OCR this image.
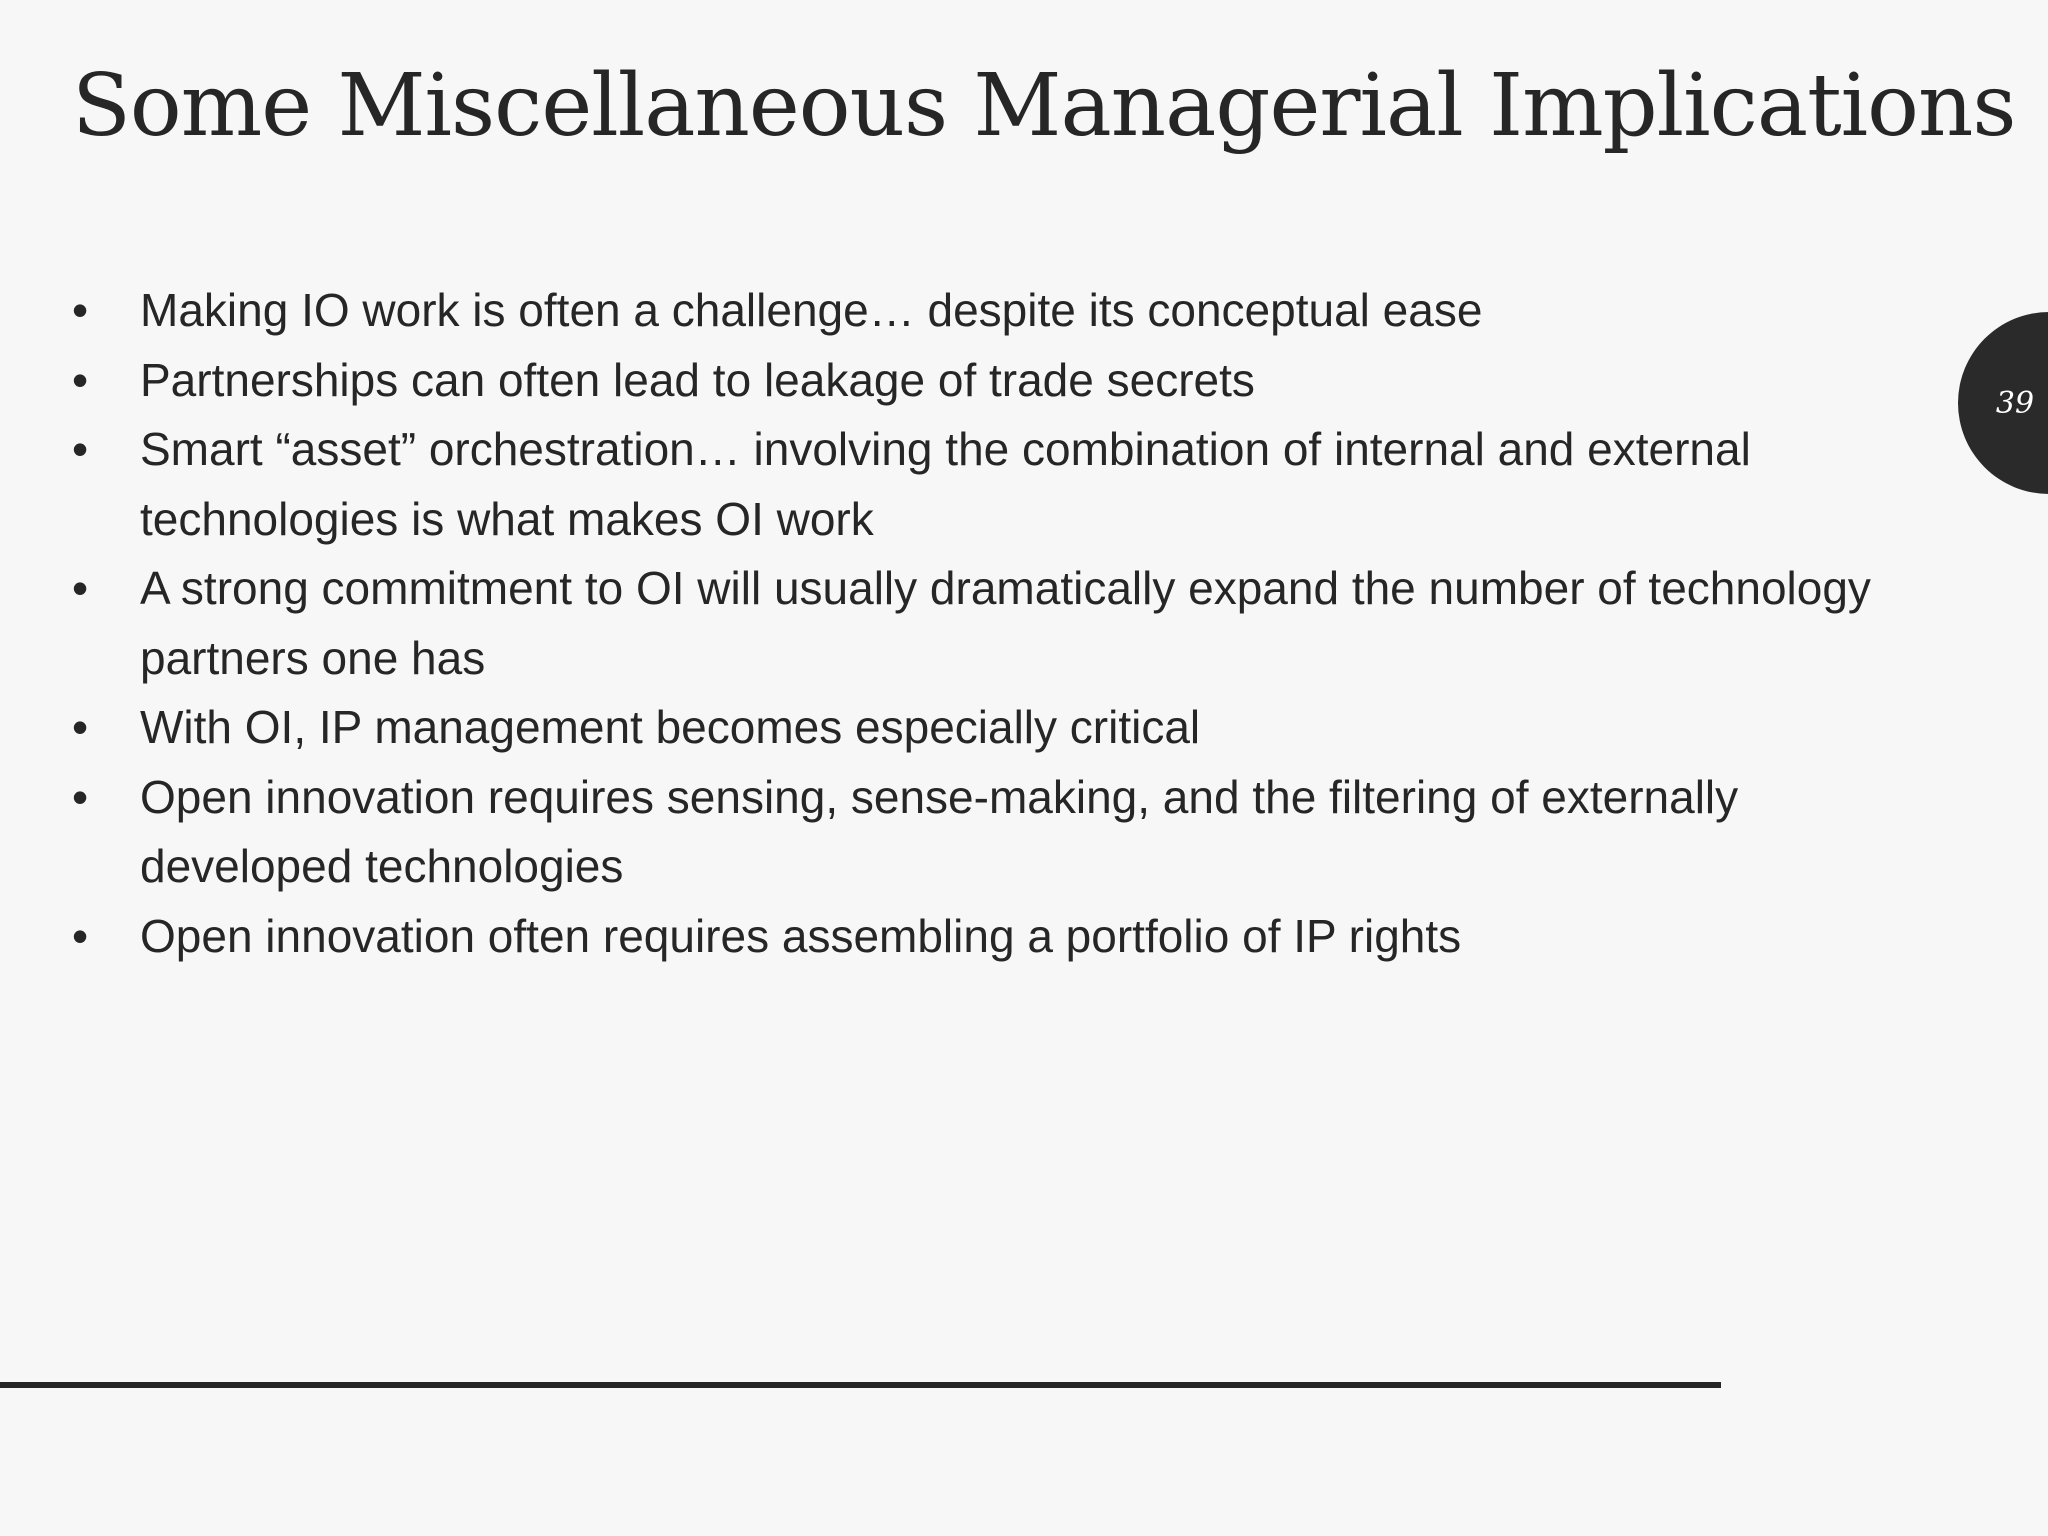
Some Miscellaneous Managerial Implications
•	Making IO work is often a challenge… despite its conceptual ease
•	Partnerships can often lead to leakage of trade secrets
•	Smart “asset” orchestration… involving the combination of internal and external technologies is what makes OI work
•	A strong commitment to OI will usually dramatically expand the number of technology partners one has
•	With OI, IP management becomes especially critical
•	Open innovation requires sensing, sense-making, and the filtering of externally developed technologies
•	Open innovation often requires assembling a portfolio of IP rights
39
